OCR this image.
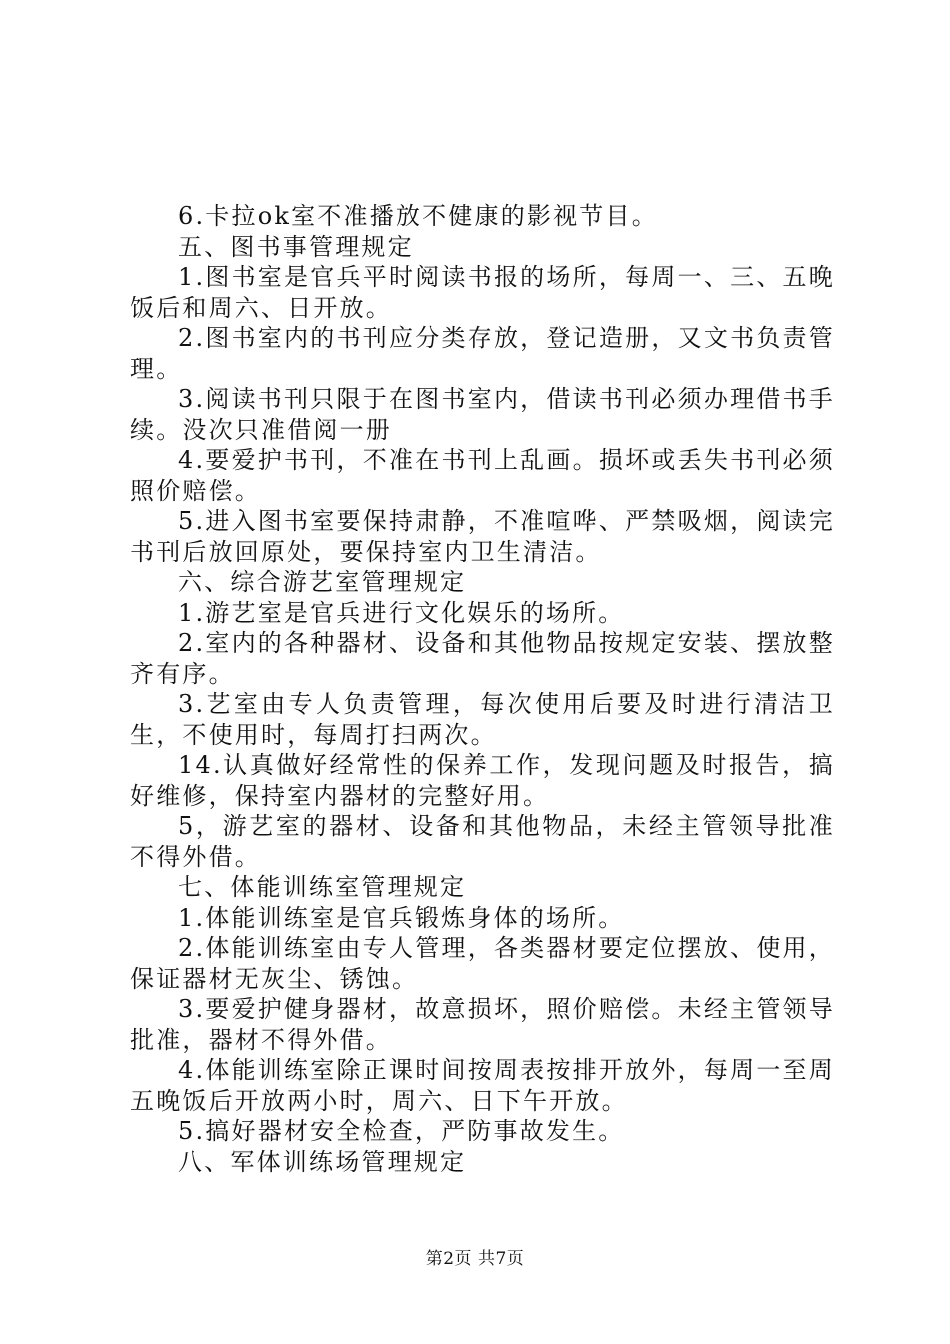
6.卡拉ok室不准播放不健康的影视节目。

五、图书事管理规定

1.图书室是官兵平时阅读书报的场所，每周一、三、五晚饭后和周六、日开放。

2.图书室内的书刊应分类存放，登记造册，又文书负责管理。

3.阅读书刊只限于在图书室内，借读书刊必须办理借书手续。没次只准借阅一册

4.要爱护书刊，不准在书刊上乱画。损坏或丢失书刊必须照价赔偿。

5.进入图书室要保持肃静，不准喧哗、严禁吸烟，阅读完书刊后放回原处，要保持室内卫生清洁。

六、综合游艺室管理规定

1.游艺室是官兵进行文化娱乐的场所。

2.室内的各种器材、设备和其他物品按规定安装、摆放整齐有序。

3.艺室由专人负责管理，每次使用后要及时进行清洁卫生，不使用时，每周打扫两次。

14.认真做好经常性的保养工作，发现问题及时报告，搞好维修，保持室内器材的完整好用。

5，游艺室的器材、设备和其他物品，未经主管领导批准不得外借。

七、体能训练室管理规定

1.体能训练室是官兵锻炼身体的场所。

2.体能训练室由专人管理，各类器材要定位摆放、使用，保证器材无灰尘、锈蚀。

3.要爱护健身器材，故意损坏，照价赔偿。未经主管领导批准，器材不得外借。

4.体能训练室除正课时间按周表按排开放外，每周一至周五晚饭后开放两小时，周六、日下午开放。

5.搞好器材安全检查，严防事故发生。

八、军体训练场管理规定

第2页 共7页
